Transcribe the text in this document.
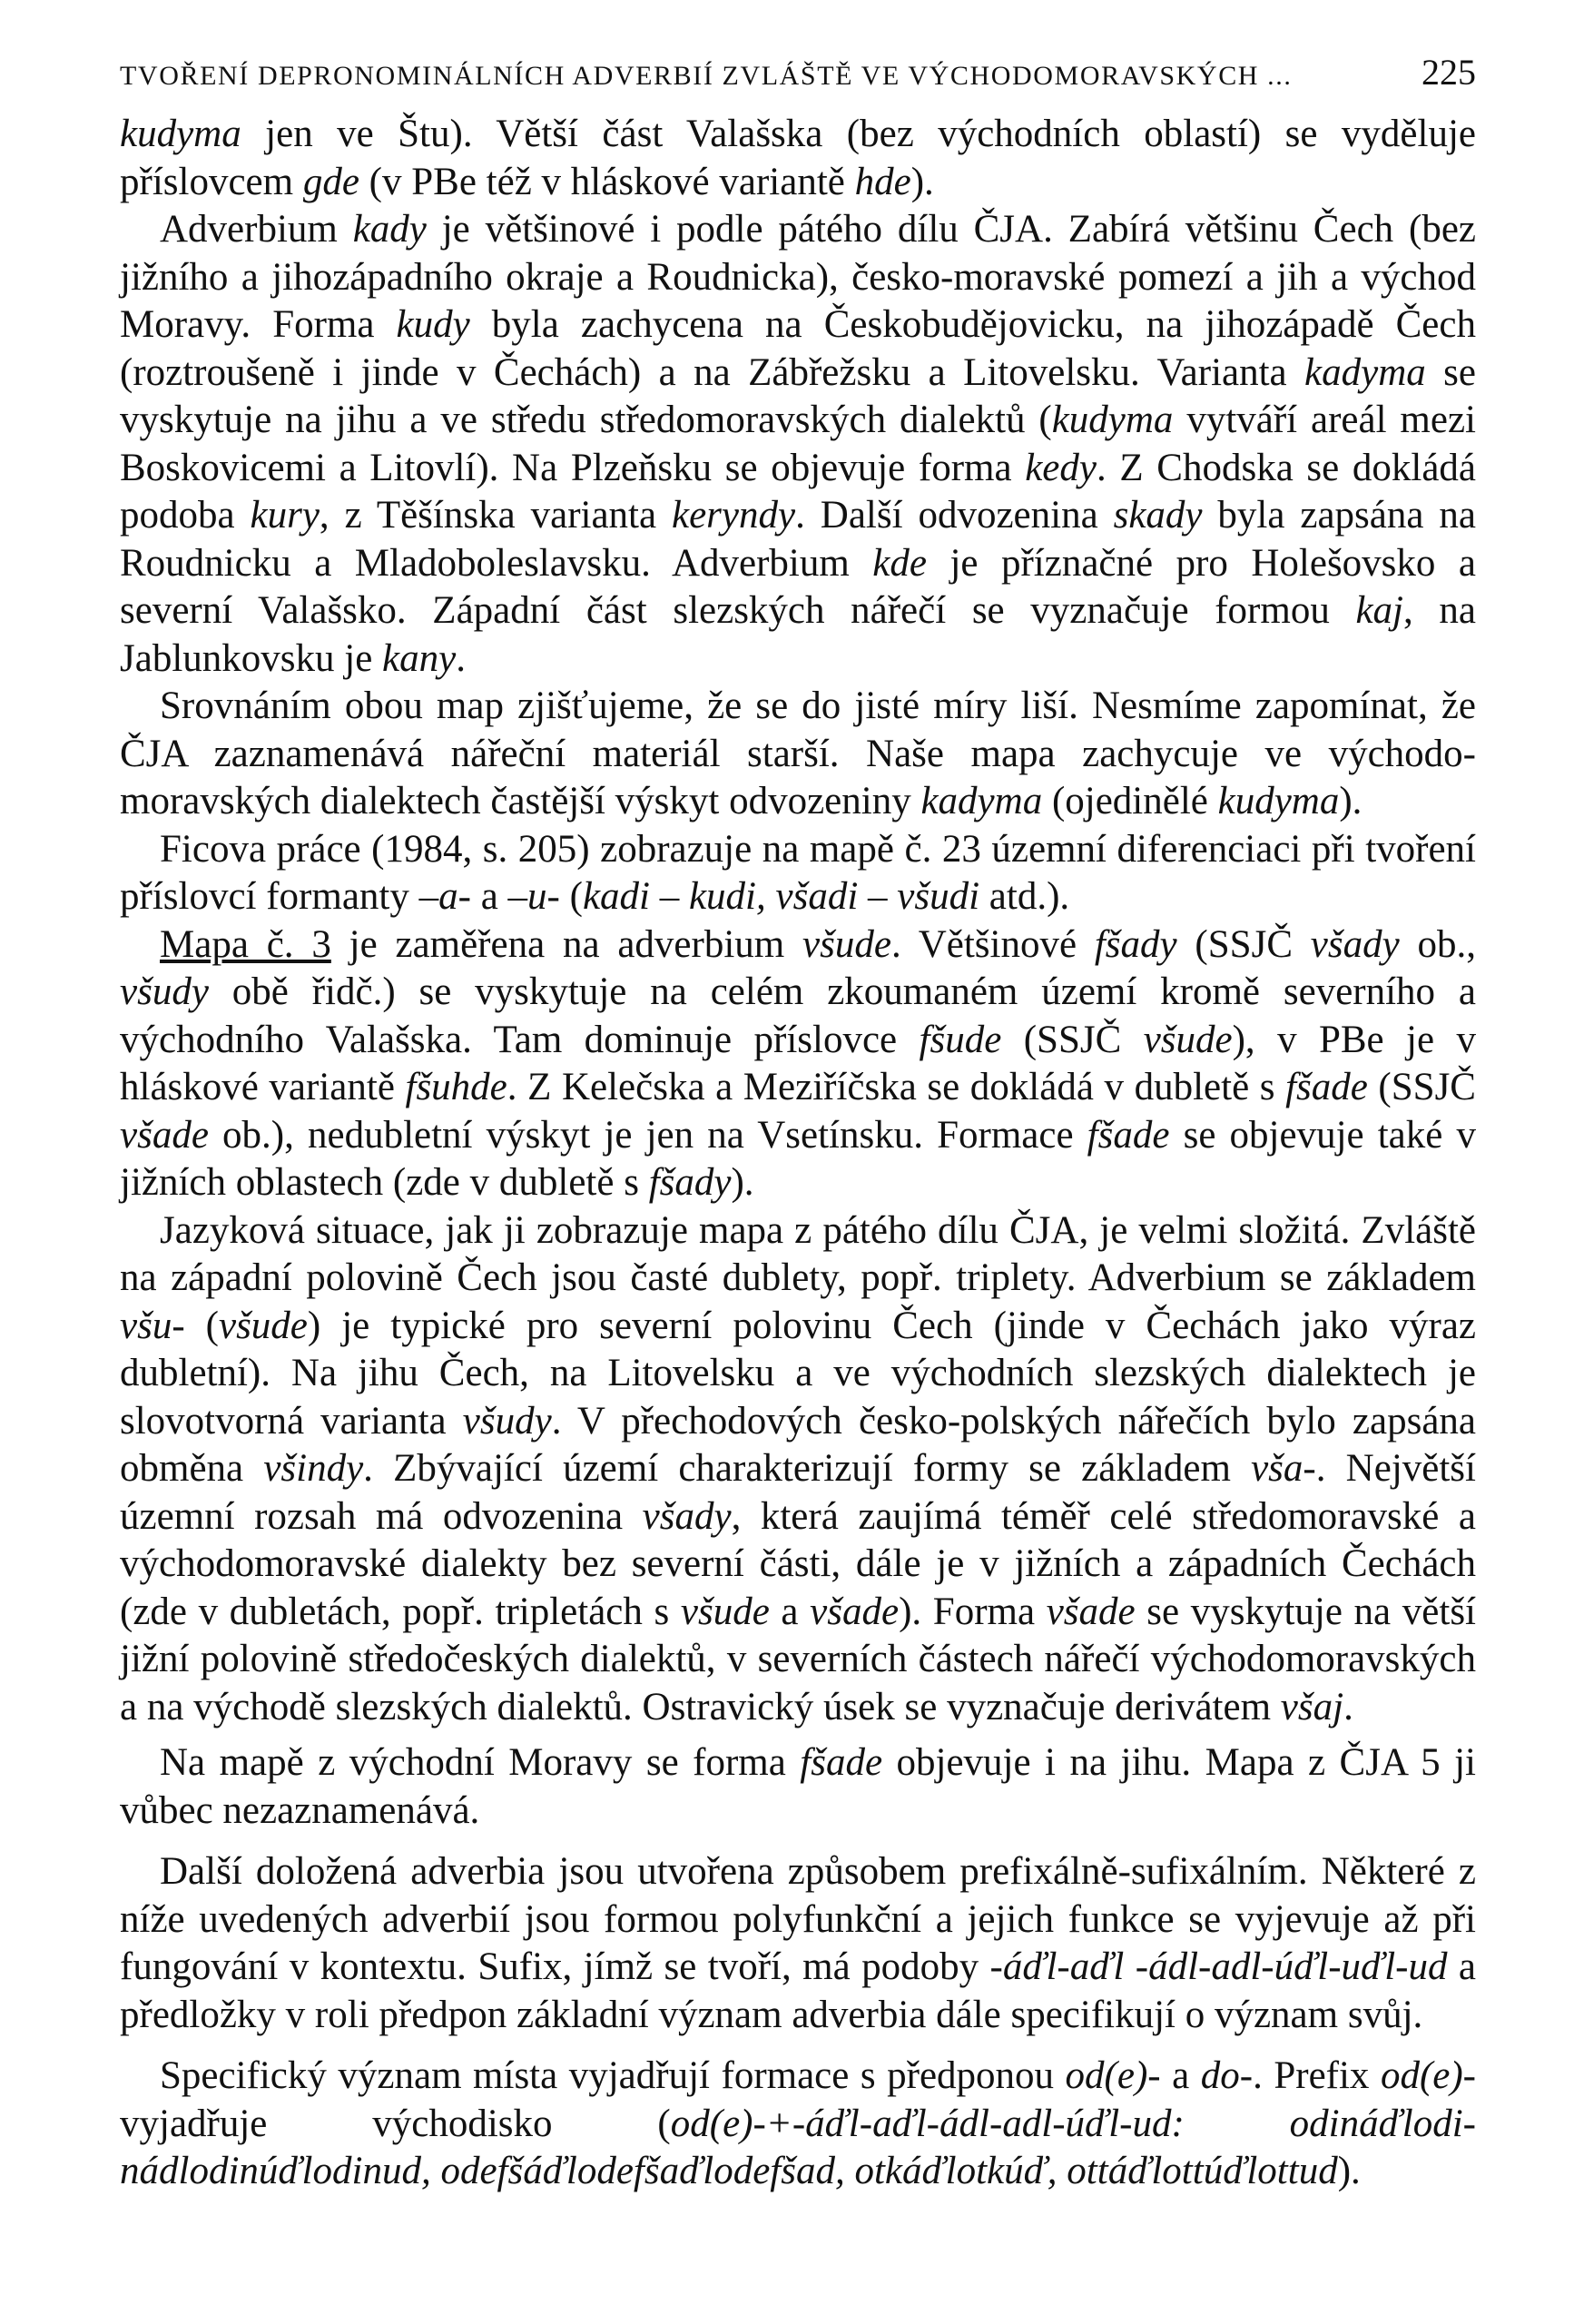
TVOŘENÍ DEPRONOMINÁLNÍCH ADVERBIÍ ZVLÁŠTĚ VE VÝCHODOMORAVSKÝCH ...	225

kudyma jen ve Štu). Větší část Valašska (bez východních oblastí) se vyděluje příslovcem gde (v PBe též v hláskové variantě hde).

Adverbium kady je většinové i podle pátého dílu ČJA. Zabírá většinu Čech (bez jižního a jihozápadního okraje a Roudnicka), česko-moravské pomezí a jih a východ Moravy. Forma kudy byla zachycena na Českobudějovicku, na jihozápadě Čech (roztroušeně i jinde v Čechách) a na Zábřežsku a Litovelsku. Varianta kadyma se vyskytuje na jihu a ve středu středomoravských dialektů (kudyma vytváří areál mezi Boskovicemi a Litovlí). Na Plzeňsku se objevuje forma kedy. Z Chodska se dokládá podoba kury, z Těšínska varianta keryndy. Další odvozenina skady byla zapsána na Roudnicku a Mladoboleslavsku. Adverbium kde je příznačné pro Holešovsko a severní Valašsko. Západní část slezských nářečí se vyznačuje formou kaj, na Jablunkovsku je kany.

Srovnáním obou map zjišťujeme, že se do jisté míry liší. Nesmíme zapomínat, že ČJA zaznamenává nářeční materiál starší. Naše mapa zachycuje ve východomoravských dialektech častější výskyt odvozeniny kadyma (ojedinělé kudyma).

Ficova práce (1984, s. 205) zobrazuje na mapě č. 23 územní diferenciaci při tvoření příslovcí formanty –a- a –u- (kadi – kudi, všadi – všudi atd.).

Mapa č. 3 je zaměřena na adverbium všude. Většinové fšady (SSJČ všady ob., všudy obě řidč.) se vyskytuje na celém zkoumaném území kromě severního a východního Valašska. Tam dominuje příslovce fšude (SSJČ všude), v PBe je v hláskové variantě fšuhde. Z Kelečska a Meziříčska se dokládá v dubletě s fšade (SSJČ všade ob.), nedubletní výskyt je jen na Vsetínsku. Formace fšade se objevuje také v jižních oblastech (zde v dubletě s fšady).

Jazyková situace, jak ji zobrazuje mapa z pátého dílu ČJA, je velmi složitá. Zvláště na západní polovině Čech jsou časté dublety, popř. triplety. Adverbium se základem všu- (všude) je typické pro severní polovinu Čech (jinde v Čechách jako výraz dubletní). Na jihu Čech, na Litovelsku a ve východních slezských dialektech je slovotvorná varianta všudy. V přechodových česko-polských nářečích bylo zapsána obměna všindy. Zbývající území charakterizují formy se základem vša-. Největší územní rozsah má odvozenina všady, která zaujímá téměř celé středomoravské a východomoravské dialekty bez severní části, dále je v jižních a západních Čechách (zde v dubletách, popř. tripletách s všude a všade). Forma všade se vyskytuje na větší jižní polovině středočeských dialektů, v severních částech nářečí východomoravských a na východě slezských dialektů. Ostravický úsek se vyznačuje derivátem všaj.

Na mapě z východní Moravy se forma fšade objevuje i na jihu. Mapa z ČJA 5 ji vůbec nezaznamenává.

Další doložená adverbia jsou utvořena způsobem prefixálně-sufixálním. Některé z níže uvedených adverbií jsou formou polyfunkční a jejich funkce se vyjevuje až při fungování v kontextu. Sufix, jímž se tvoří, má podoby -áďl-aďl -ádl-adl-úďl-uďl-ud a předložky v roli předpon základní význam adverbia dále specifikují o význam svůj.

Specifický význam místa vyjadřují formace s předponou od(e)- a do-. Prefix od(e)- vyjadřuje východisko (od(e)-+-áďl-aďl-ádl-adl-úďl-ud: odináďlodinádlodinúďlodinud, odefšáďlodefšaďlodefšad, otkáďlotkúď, ottáďlottúďlottud).
